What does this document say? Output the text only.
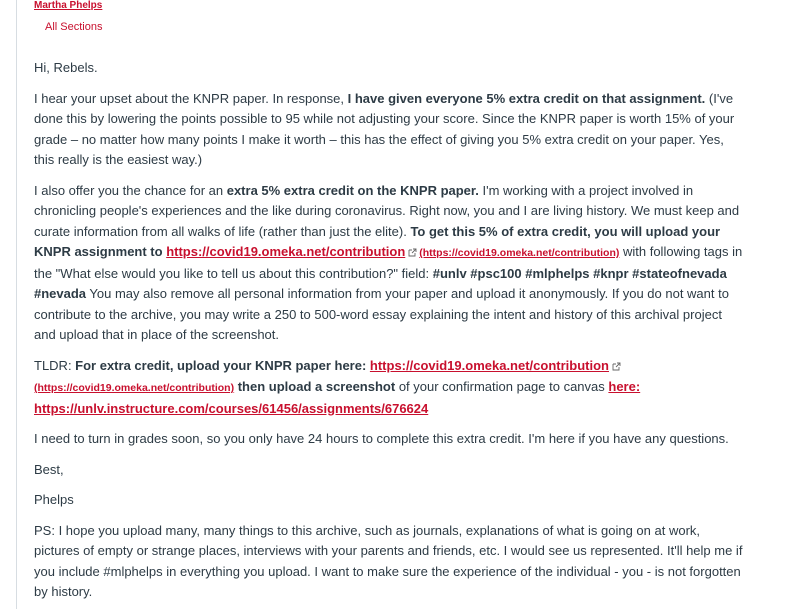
Martha Phelps
All Sections

Hi, Rebels.

I hear your upset about the KNPR paper. In response, I have given everyone 5% extra credit on that assignment. (I've done this by lowering the points possible to 95 while not adjusting your score. Since the KNPR paper is worth 15% of your grade – no matter how many points I make it worth – this has the effect of giving you 5% extra credit on your paper. Yes, this really is the easiest way.)

I also offer you the chance for an extra 5% extra credit on the KNPR paper. I'm working with a project involved in chronicling people's experiences and the like during coronavirus. Right now, you and I are living history. We must keep and curate information from all walks of life (rather than just the elite). To get this 5% of extra credit, you will upload your KNPR assignment to https://covid19.omeka.net/contribution (https://covid19.omeka.net/contribution) with following tags in the "What else would you like to tell us about this contribution?" field: #unlv #psc100 #mlphelps #knpr #stateofnevada #nevada You may also remove all personal information from your paper and upload it anonymously. If you do not want to contribute to the archive, you may write a 250 to 500-word essay explaining the intent and history of this archival project and upload that in place of the screenshot.

TLDR: For extra credit, upload your KNPR paper here: https://covid19.omeka.net/contribution
(https://covid19.omeka.net/contribution) then upload a screenshot of your confirmation page to canvas here:
https://unlv.instructure.com/courses/61456/assignments/676624

I need to turn in grades soon, so you only have 24 hours to complete this extra credit. I'm here if you have any questions.

Best,

Phelps

PS: I hope you upload many, many things to this archive, such as journals, explanations of what is going on at work, pictures of empty or strange places, interviews with your parents and friends, etc. I would see us represented. It'll help me if you include #mlphelps in everything you upload. I want to make sure the experience of the individual - you - is not forgotten by history.
